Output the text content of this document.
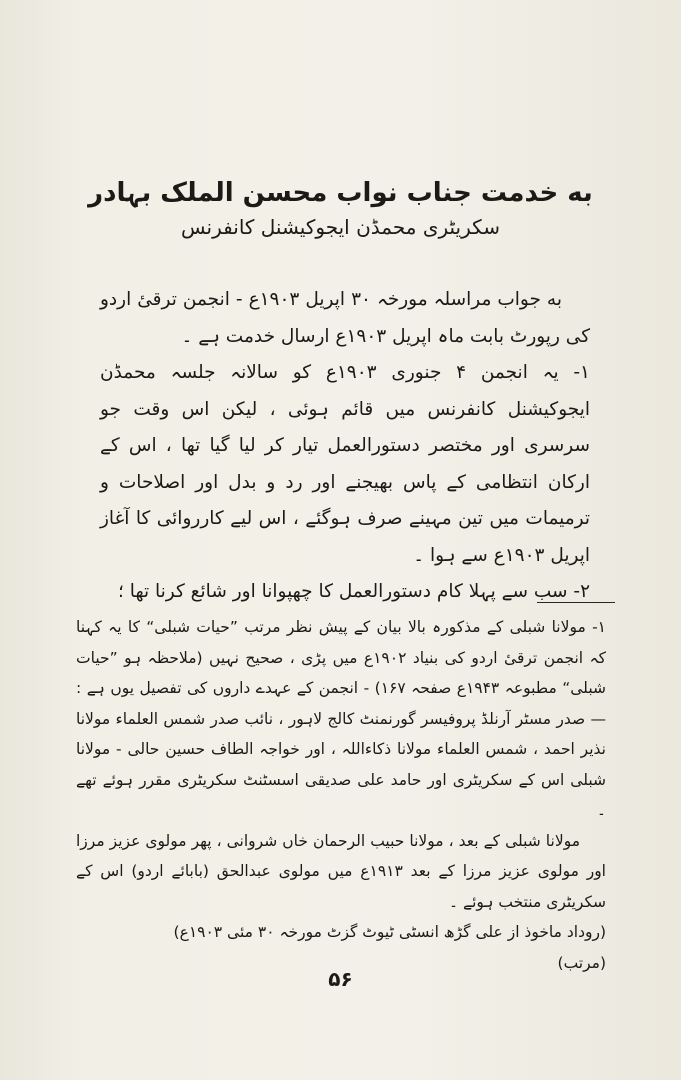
به خدمت جناب نواب محسن الملک بہادر
سکریٹری محمڈن ایجوکیشنل کانفرنس

به جواب مراسلہ مورخہ ۳۰ اپریل ۱۹۰۳ع - انجمن ترقیٔ اردو کی رپورٹ بابت ماہ اپریل ۱۹۰۳ع ارسال خدمت ہے ۔

۱- یہ انجمن ۴ جنوری ۱۹۰۳ع کو سالانہ جلسہ محمڈن ایجوکیشنل کانفرنس میں قائم ہوئی ، لیکن اس وقت جو سرسری اور مختصر دستورالعمل تیار کر لیا گیا تھا ، اس کے ارکان انتظامی کے پاس بھیجنے اور رد و بدل اور اصلاحات و ترمیمات میں تین مہینے صرف ہوگئے ، اس لیے کارروائی کا آغاز اپریل ۱۹۰۳ع سے ہوا ۔

۲- سب سے پہلا کام دستورالعمل کا چھپوانا اور شائع کرنا تھا ؛

۱- مولانا شبلی کے مذکورہ بالا بیان کے پیش نظر مرتب ”حیات شبلی“ کا یہ کہنا کہ انجمن ترقیٔ اردو کی بنیاد ۱۹۰۲ع میں پڑی ، صحیح نہیں (ملاحظہ ہو ”حیات شبلی“ مطبوعہ ۱۹۴۳ع صفحہ ۱۶۷) - انجمن کے عہدے داروں کی تفصیل یوں ہے :— صدر مسٹر آرنلڈ پروفیسر گورنمنٹ کالج لاہور ، نائب صدر شمس العلماء مولانا نذیر احمد ، شمس العلماء مولانا ذکاءاللہ ، اور خواجہ الطاف حسین حالی - مولانا شبلی اس کے سکریٹری اور حامد علی صدیقی اسسٹنٹ سکریٹری مقرر ہوئے تھے ۔

مولانا شبلی کے بعد ، مولانا حبیب الرحمان خاں شروانی ، پھر مولوی عزیز مرزا اور مولوی عزیز مرزا کے بعد ۱۹۱۳ع میں مولوی عبدالحق (بابائے اردو) اس کے سکریٹری منتخب ہوئے ۔

(روداد ماخوذ از علی گڑھ انسٹی ٹیوٹ گزٹ مورخہ ۳۰ مئی ۱۹۰۳ع)

(مرتب)

۵۶
